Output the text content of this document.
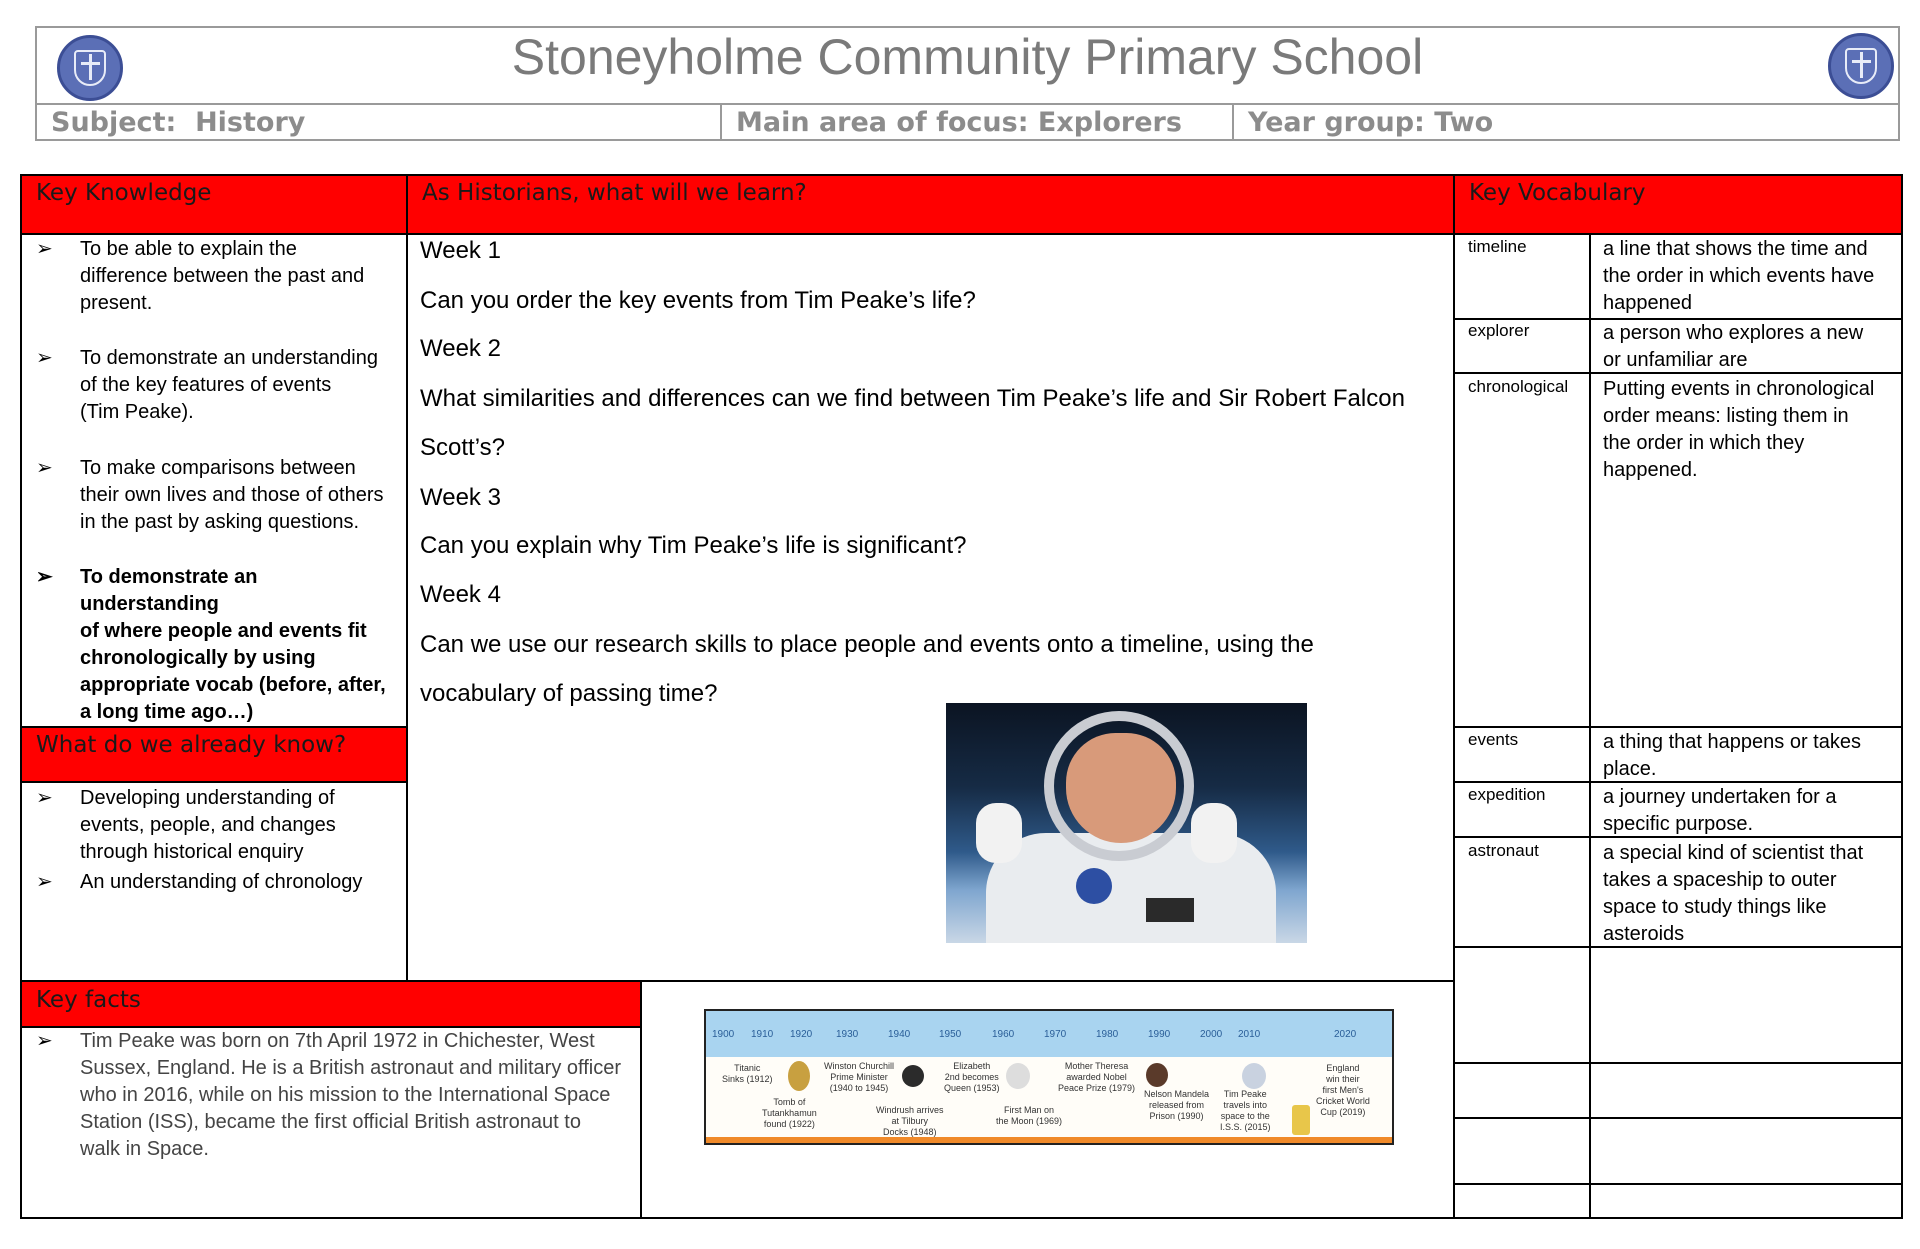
Stoneyholme Community Primary School
Subject:  History	Main area of focus: Explorers	Year group: Two
Key Knowledge	As Historians, what will we learn?	Key Vocabulary
What do we already know?
Key facts
➢ To be able to explain the
difference between the past and
present.
➢ To demonstrate an understanding
of the key features of events
(Tim Peake).
➢ To make comparisons between
their own lives and those of others
in the past by asking questions.
➢ To demonstrate an understanding
of where people and events fit
chronologically by using
appropriate vocab (before, after,
a long time ago…)
➢ Developing understanding of
events, people, and changes
through historical enquiry
➢ An understanding of chronology
Week 1
Can you order the key events from Tim Peake’s life?
Week 2
What similarities and differences can we find between Tim Peake’s life and Sir Robert Falcon
Scott’s?
Week 3
Can you explain why Tim Peake’s life is significant?
Week 4
Can we use our research skills to place people and events onto a timeline, using the
vocabulary of passing time?
timeline	a line that shows the time and
the order in which events have
happened
explorer	a person who explores a new
or unfamiliar are
chronological Putting events in chronological
order means: listing them in
the order in which they
happened.
events	a thing that happens or takes
place.
expedition	a journey undertaken for a
specific purpose.
astronaut	a special kind of scientist that
takes a spaceship to outer
space to study things like
asteroids
➢ Tim Peake was born on 7th April 1972 in Chichester, West
Sussex, England. He is a British astronaut and military officer
who in 2016, while on his mission to the International Space
Station (ISS), became the first official British astronaut to
walk in Space.
1900 1910 1920 1930	1940	1950	1960	1970	1980	1990	2000 2010	2020
Titanic
Sinks (1912)
Tomb of
Tutankhamun
found (1922)
Winston Churchill
Prime Minister
(1940 to 1945)
Windrush arrives
at Tilbury
Docks (1948)
Elizabeth
2nd becomes
Queen (1953)
First Man on
the Moon (1969)
Mother Theresa
awarded Nobel
Peace Prize (1979)
Nelson Mandela
released from
Prison (1990)
Tim Peake
travels into
space to the
I.S.S. (2015)
England
win their
first Men's
Cricket World
Cup (2019)
